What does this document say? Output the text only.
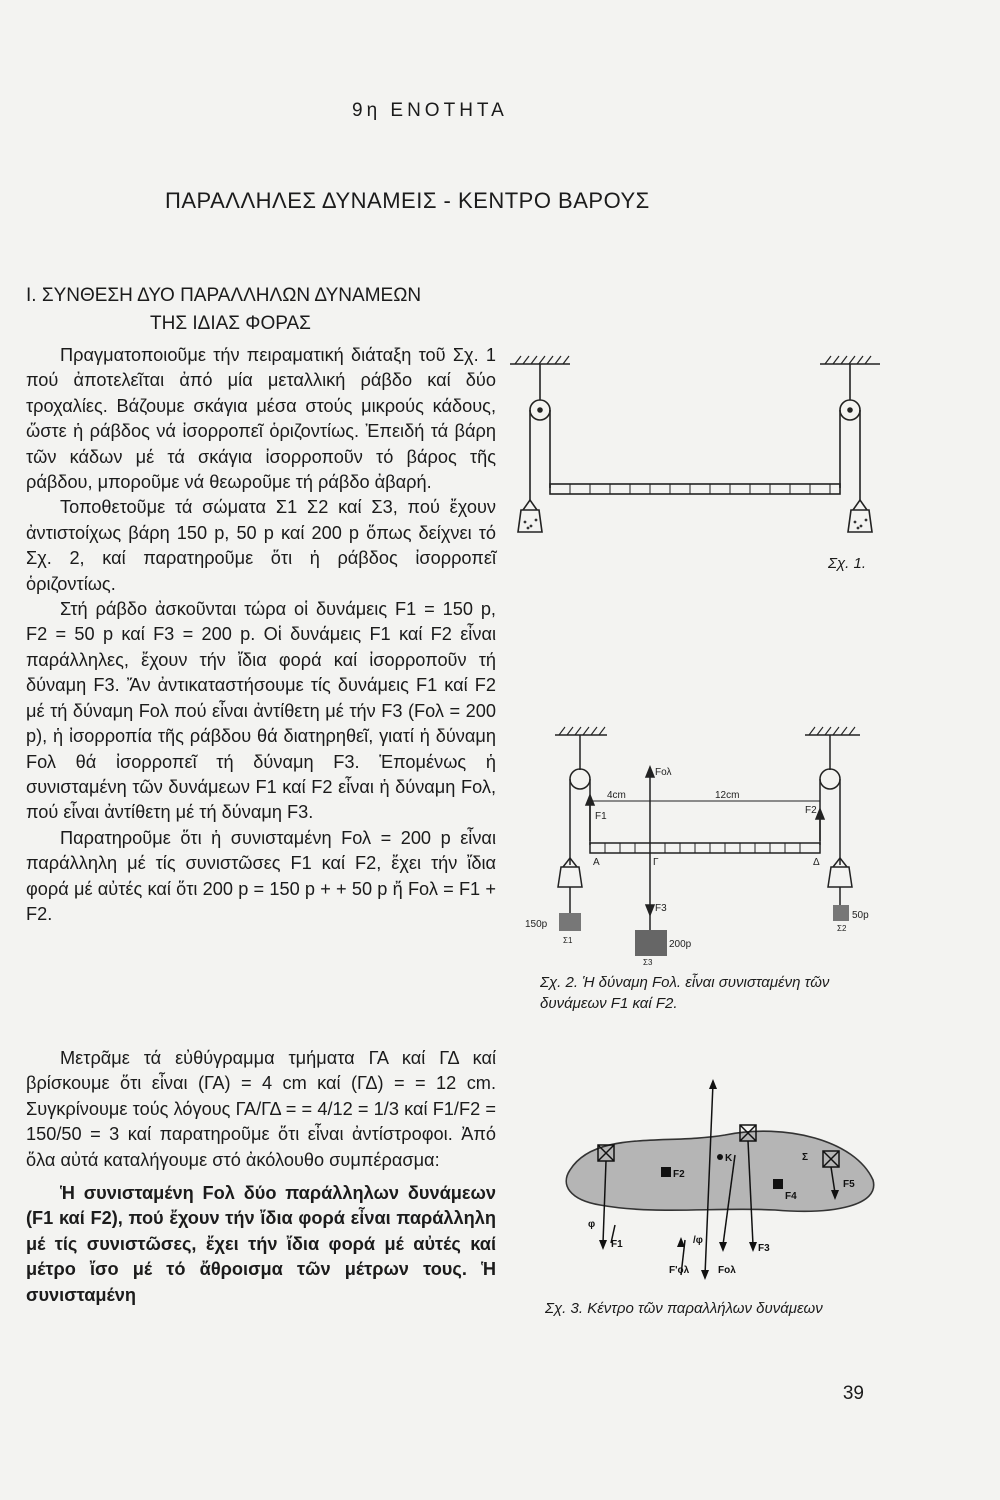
9η ΕΝΟΤΗΤΑ
ΠΑΡΑΛΛΗΛΕΣ ΔΥΝΑΜΕΙΣ - ΚΕΝΤΡΟ ΒΑΡΟΥΣ
Ι. ΣΥΝΘΕΣΗ ΔΥΟ ΠΑΡΑΛΛΗΛΩΝ ΔΥΝΑΜΕΩΝ
ΤΗΣ ΙΔΙΑΣ ΦΟΡΑΣ

Πραγματοποιοῦμε τήν πειραματική διάταξη τοῦ Σχ. 1 πού ἀποτελεῖται ἀπό μία μεταλλική ράβδο καί δύο τροχαλίες. Βάζουμε σκάγια μέσα στούς μικρούς κάδους, ὥστε ἡ ράβδος νά ἰσορροπεῖ ὁριζοντίως. Ἐπειδή τά βάρη τῶν κάδων μέ τά σκάγια ἰσορροποῦν τό βάρος τῆς ράβδου, μποροῦμε νά θεωροῦμε τή ράβδο ἀβαρή.

Τοποθετοῦμε τά σώματα Σ1 Σ2 καί Σ3, πού ἔχουν ἀντιστοίχως βάρη 150 p, 50 p καί 200 p ὅπως δείχνει τό Σχ. 2, καί παρατηροῦμε ὅτι ἡ ράβδος ἰσορροπεῖ ὁριζοντίως.

Στή ράβδο ἀσκοῦνται τώρα οἱ δυνάμεις F1 = 150 p, F2 = 50 p καί F3 = 200 p. Οἱ δυνάμεις F1 καί F2 εἶναι παράλληλες, ἔχουν τήν ἴδια φορά καί ἰσορροποῦν τή δύναμη F3. Ἄν ἀντικαταστήσουμε τίς δυνάμεις F1 καί F2 μέ τή δύναμη Fολ πού εἶναι ἀντίθετη μέ τήν F3 (Fολ = 200 p), ἡ ἰσορροπία τῆς ράβδου θά διατηρηθεῖ, γιατί ἡ δύναμη Fολ θά ἰσορροπεῖ τή δύναμη F3. Ἑπομένως ἡ συνισταμένη τῶν δυνάμεων F1 καί F2 εἶναι ἡ δύναμη Fολ, πού εἶναι ἀντίθετη μέ τή δύναμη F3.

Παρατηροῦμε ὅτι ἡ συνισταμένη Fολ = 200 p εἶναι παράλληλη μέ τίς συνιστῶσες F1 καί F2, ἔχει τήν ἴδια φορά μέ αὐτές καί ὅτι 200 p = 150 p + + 50 p ἤ Fολ = F1 + F2.

Μετρᾶμε τά εὐθύγραμμα τμήματα ΓΑ καί ΓΔ καί βρίσκουμε ὅτι εἶναι (ΓΑ) = 4 cm καί (ΓΔ) = = 12 cm. Συγκρίνουμε τούς λόγους ΓΑ/ΓΔ = = 4/12 = 1/3 καί F1/F2 = 150/50 = 3 καί παρατηροῦμε ὅτι εἶναι ἀντίστροφοι. Ἀπό ὅλα αὐτά καταλήγουμε στό ἀκόλουθο συμπέρασμα:

Ἡ συνισταμένη Fολ δύο παράλληλων δυνάμεων (F1 καί F2), πού ἔχουν τήν ἴδια φορά εἶναι παράλληλη μέ τίς συνιστῶσες, ἔχει τήν ἴδια φορά μέ αὐτές καί μέτρο ἴσο μέ τό ἄθροισμα τῶν μέτρων τους. Ἡ συνισταμένη

Σχ. 1.
Fολ
F1
F2
F3
4cm	12cm
Α	Γ	Δ
150p
50p
200p
Σ1
Σ2
Σ3
Σχ. 2. Ἡ δύναμη Fολ. εἶναι συνισταμένη τῶν δυνάμεων F1 καί F2.
Κ	Σ
F1
F2
F3
F4
F5
Fολ
F'ολ
φ
/φ
Σχ. 3. Κέντρο τῶν παραλλήλων δυνάμεων
39
